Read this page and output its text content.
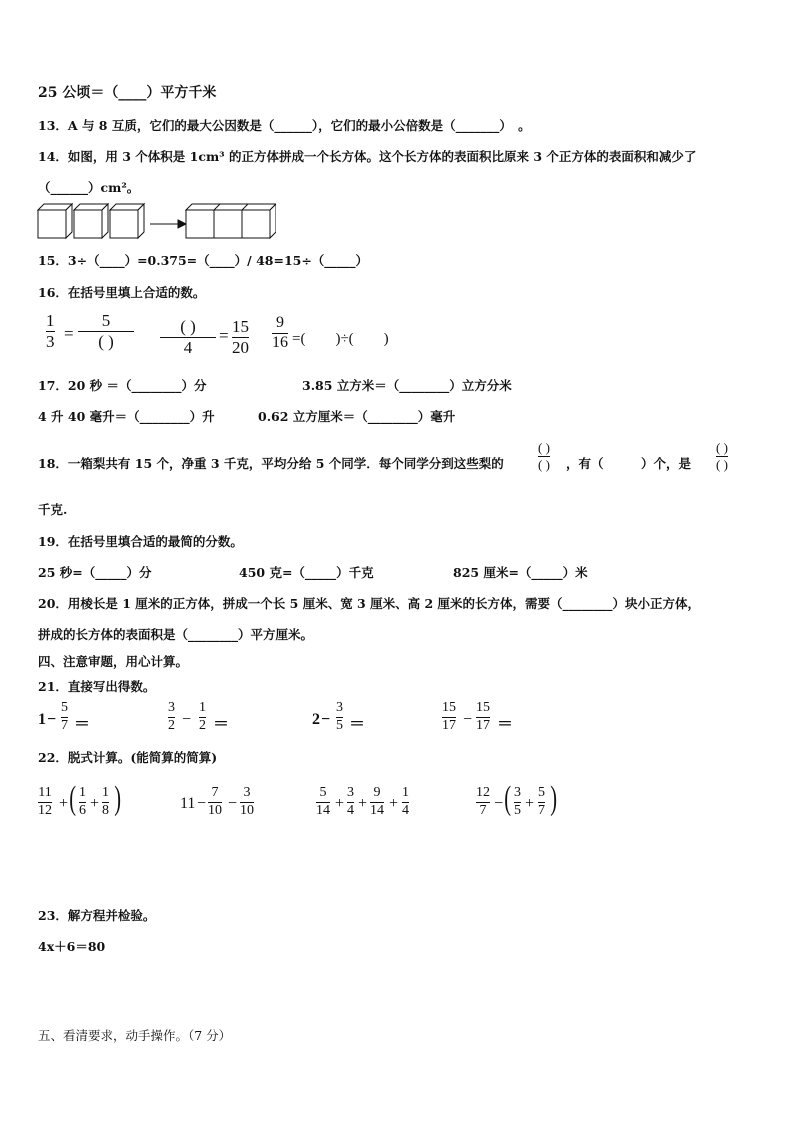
25 公顷＝（____）平方千米
13．A 与 8 互质，它们的最大公因数是（______），它们的最小公倍数是（_______）　。
14．如图，用 3 个体积是 1cm³ 的正方体拼成一个长方体。这个长方体的表面积比原来 3 个正方体的表面积和减少了
（______）cm²。
15．3÷（____）=0.375=（____）/ 48=15÷（_____）
16．在括号里填上合适的数。
1
3 =
5
( )
( )
4
= 15
20
9
16 =(　　)÷(　　)
17．20 秒 ＝（________）分	3.85 立方米＝（________）立方分米
4 升 40 毫升＝（________）升	0.62 立方厘米＝（________）毫升
18．一箱梨共有 15 个，净重 3 千克，平均分给 5 个同学．每个同学分到这些梨的
( )
( ) ，有（　　　）个，是
( )
( )
千克.
19．在括号里填合适的最简的分数。
25 秒=（_____）分	450 克=（_____）千克	825 厘米=（_____）米
20．用棱长是 1 厘米的正方体，拼成一个长 5 厘米、宽 3 厘米、高 2 厘米的长方体，需要（________）块小正方体，
拼成的长方体的表面积是（________）平方厘米。
四、注意审题，用心计算。
21．直接写出得数。
1 −
5
7 ＝
3
2 −
1
2 ＝	2 −
3
5 ＝
15
17 −
15
17 ＝
22．脱式计算。(能简算的简算)
11
12 + ( 1
6 +
1
8 )	11 −
7
10 −
3
10
5
14 +
3
4 +
9
14 +
1
4
12
7 − ( 3
5 +
5
7 )
23．解方程并检验。
4x＋6＝80
五、看清要求，动手操作。（7 分）
